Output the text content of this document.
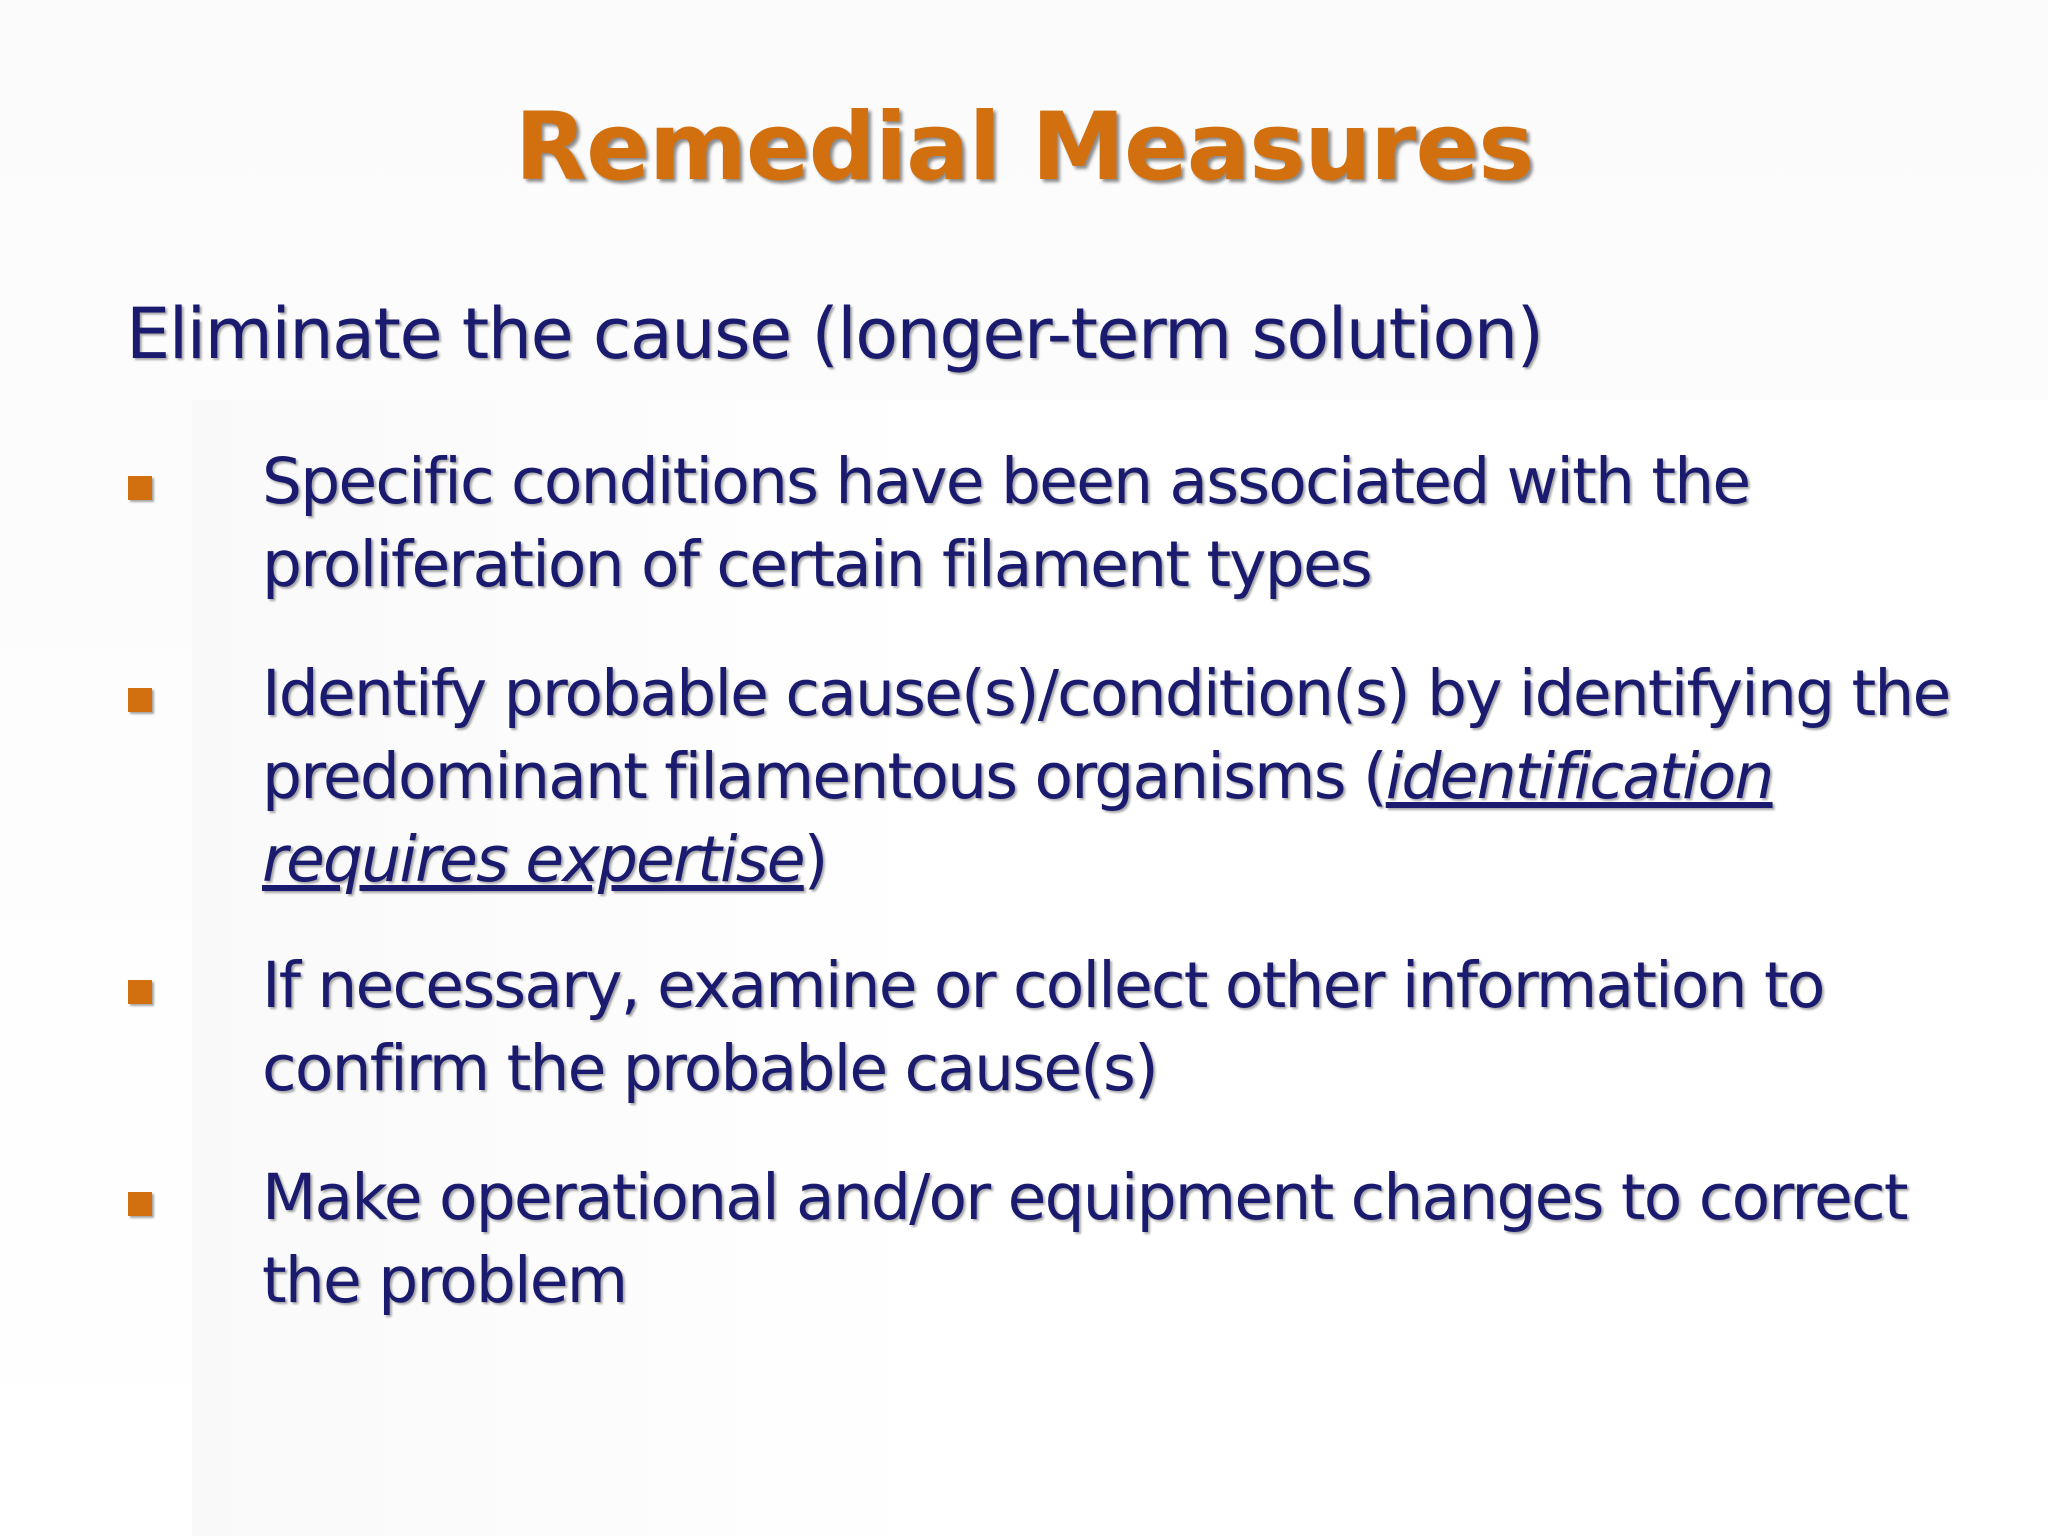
Remedial Measures
Eliminate the cause (longer-term solution)
Specific conditions have been associated with the proliferation of certain filament types
Identify probable cause(s)/condition(s) by identifying the predominant filamentous organisms (identification requires expertise)
If necessary, examine or collect other information to confirm the probable cause(s)
Make operational and/or equipment changes to correct the problem
